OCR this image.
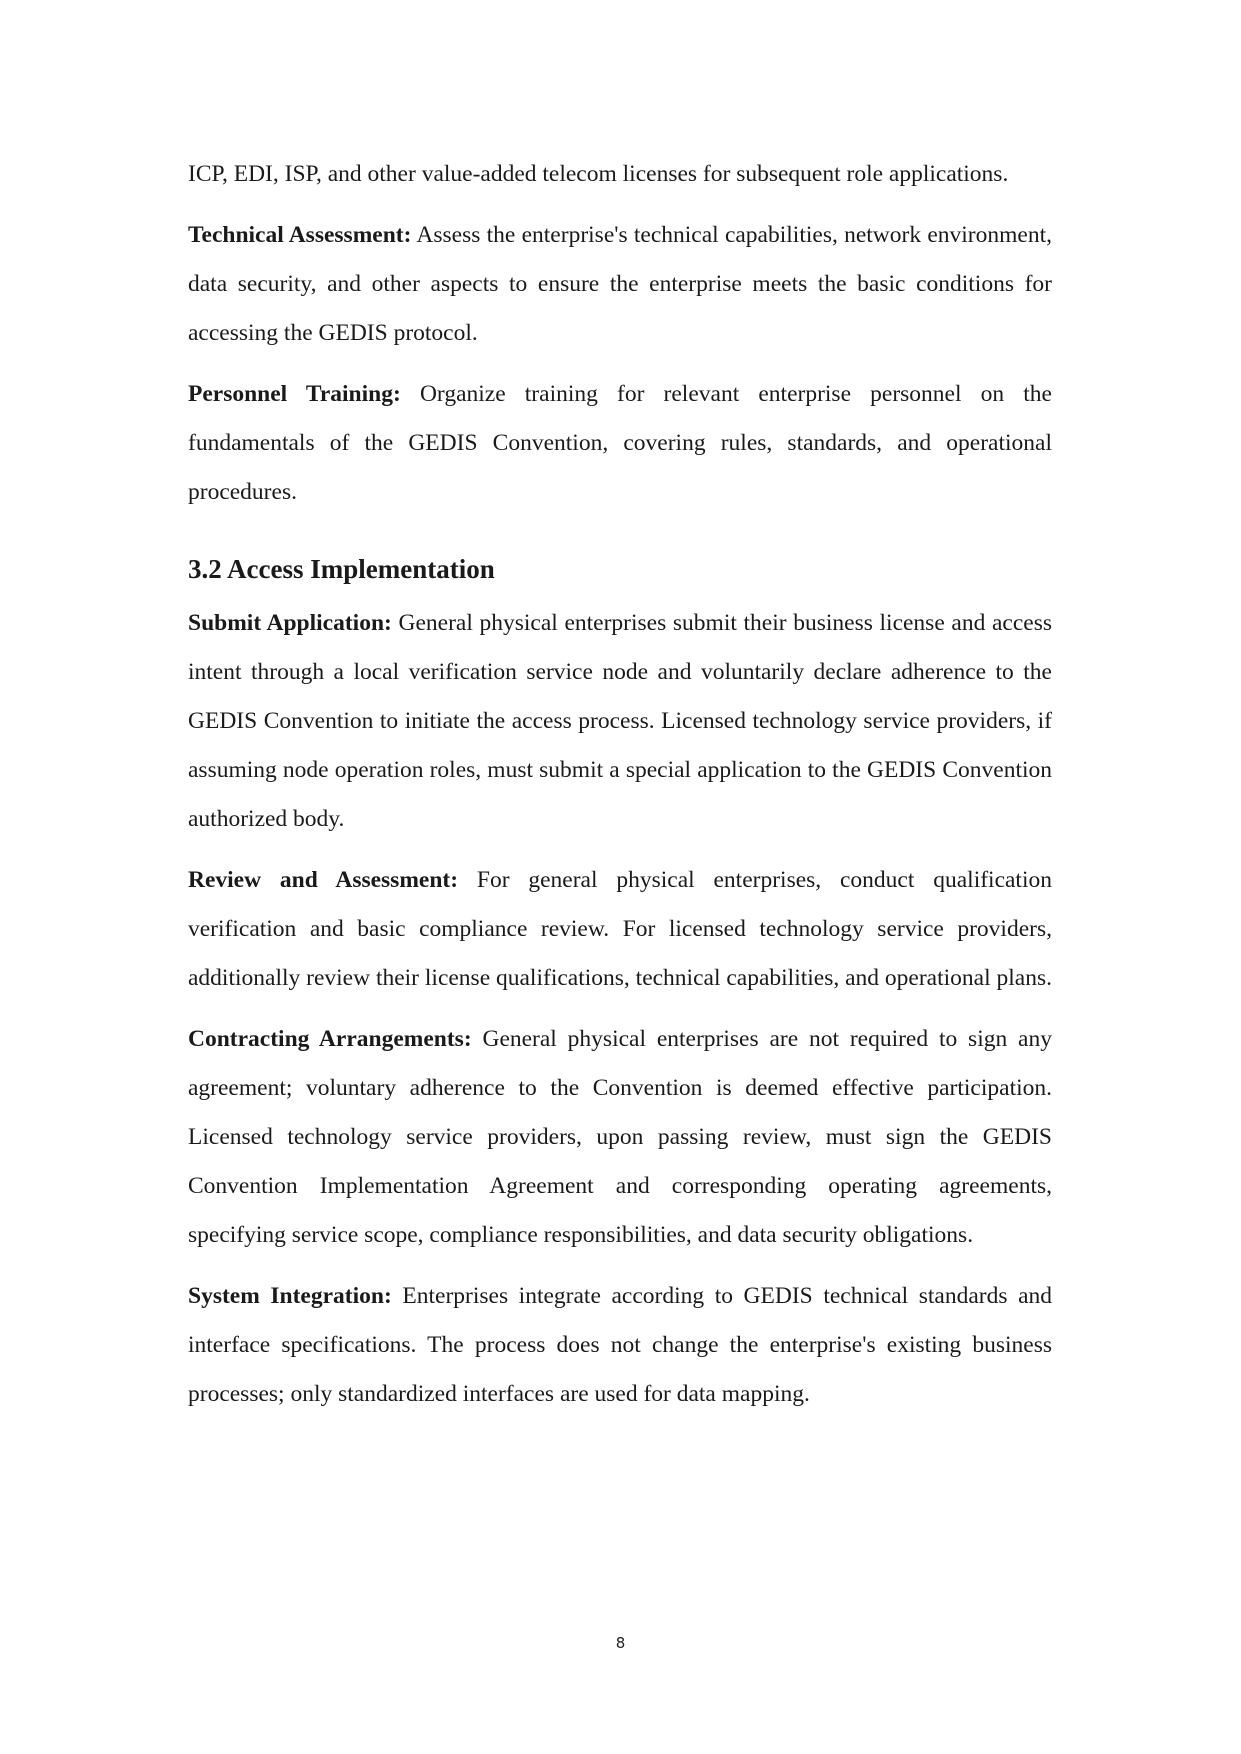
ICP, EDI, ISP, and other value-added telecom licenses for subsequent role applications.

Technical Assessment: Assess the enterprise's technical capabilities, network environment, data security, and other aspects to ensure the enterprise meets the basic conditions for accessing the GEDIS protocol.

Personnel Training: Organize training for relevant enterprise personnel on the fundamentals of the GEDIS Convention, covering rules, standards, and operational procedures.

3.2 Access Implementation

Submit Application: General physical enterprises submit their business license and access intent through a local verification service node and voluntarily declare adherence to the GEDIS Convention to initiate the access process. Licensed technology service providers, if assuming node operation roles, must submit a special application to the GEDIS Convention authorized body.

Review and Assessment: For general physical enterprises, conduct qualification verification and basic compliance review. For licensed technology service providers, additionally review their license qualifications, technical capabilities, and operational plans.

Contracting Arrangements: General physical enterprises are not required to sign any agreement; voluntary adherence to the Convention is deemed effective participation. Licensed technology service providers, upon passing review, must sign the GEDIS Convention Implementation Agreement and corresponding operating agreements, specifying service scope, compliance responsibilities, and data security obligations.

System Integration: Enterprises integrate according to GEDIS technical standards and interface specifications. The process does not change the enterprise's existing business processes; only standardized interfaces are used for data mapping.

8
